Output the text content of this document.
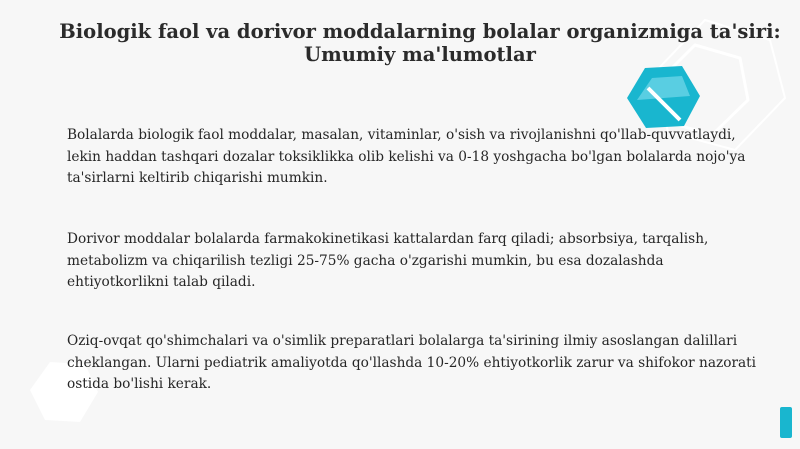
Biologik faol va dorivor moddalarning bolalar organizmiga ta'siri:
Umumiy ma'lumotlar

Bolalarda biologik faol moddalar, masalan, vitaminlar, o'sish va rivojlanishni qo'llab-quvvatlaydi, lekin haddan tashqari dozalar toksiklikka olib kelishi va 0-18 yoshgacha bo'lgan bolalarda nojo'ya ta'sirlarni keltirib chiqarishi mumkin.

Dorivor moddalar bolalarda farmakokinetikasi kattalardan farq qiladi; absorbsiya, tarqalish, metabolizm va chiqarilish tezligi 25-75% gacha o'zgarishi mumkin, bu esa dozalashda ehtiyotkorlikni talab qiladi.

Oziq-ovqat qo'shimchalari va o'simlik preparatlari bolalarga ta'sirining ilmiy asoslangan dalillari cheklangan. Ularni pediatrik amaliyotda qo'llashda 10-20% ehtiyotkorlik zarur va shifokor nazorati ostida bo'lishi kerak.
